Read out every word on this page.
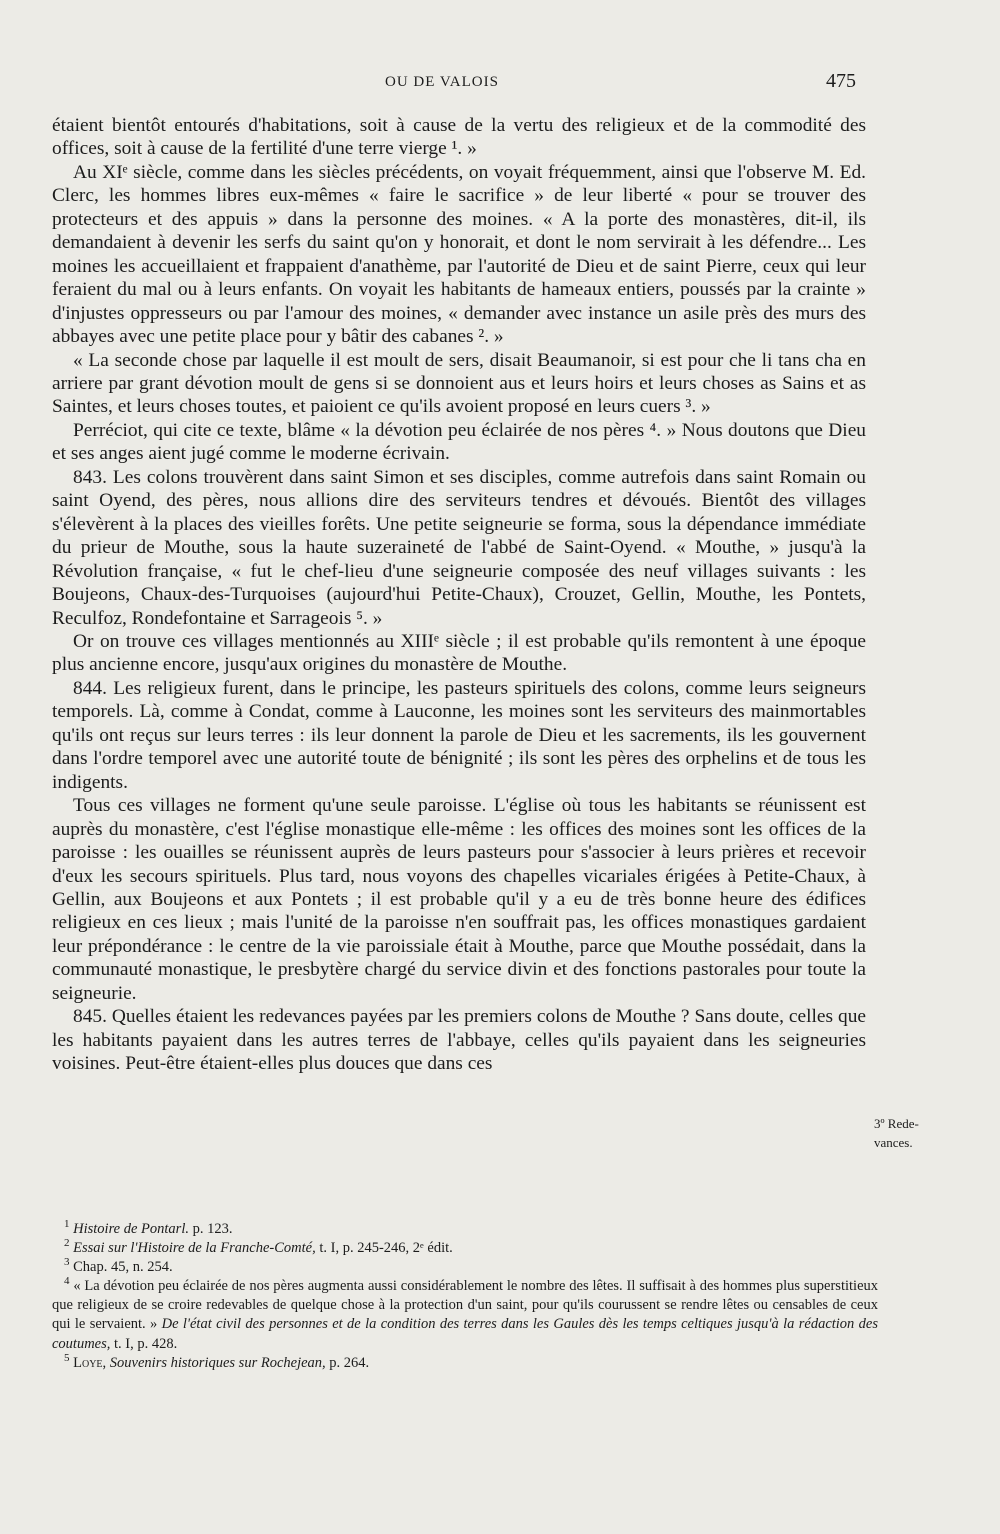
OU DE VALOIS	475

étaient bientôt entourés d'habitations, soit à cause de la vertu des religieux et de la commodité des offices, soit à cause de la fertilité d'une terre vierge ¹. »

Au XIᵉ siècle, comme dans les siècles précédents, on voyait fréquemment, ainsi que l'observe M. Ed. Clerc, les hommes libres eux-mêmes « faire le sacrifice » de leur liberté « pour se trouver des protecteurs et des appuis » dans la personne des moines. « A la porte des monastères, dit-il, ils demandaient à devenir les serfs du saint qu'on y honorait, et dont le nom servirait à les défendre... Les moines les accueillaient et frappaient d'anathème, par l'autorité de Dieu et de saint Pierre, ceux qui leur feraient du mal ou à leurs enfants. On voyait les habitants de hameaux entiers, poussés par la crainte » d'injustes oppresseurs ou par l'amour des moines, « demander avec instance un asile près des murs des abbayes avec une petite place pour y bâtir des cabanes ². »

« La seconde chose par laquelle il est moult de sers, disait Beaumanoir, si est pour che li tans cha en arriere par grant dévotion moult de gens si se donnoient aus et leurs hoirs et leurs choses as Sains et as Saintes, et leurs choses toutes, et paioient ce qu'ils avoient proposé en leurs cuers ³. »

Perréciot, qui cite ce texte, blâme « la dévotion peu éclairée de nos pères ⁴. » Nous doutons que Dieu et ses anges aient jugé comme le moderne écrivain.

843. Les colons trouvèrent dans saint Simon et ses disciples, comme autrefois dans saint Romain ou saint Oyend, des pères, nous allions dire des serviteurs tendres et dévoués. Bientôt des villages s'élevèrent à la places des vieilles forêts. Une petite seigneurie se forma, sous la dépendance immédiate du prieur de Mouthe, sous la haute suzeraineté de l'abbé de Saint-Oyend. « Mouthe, » jusqu'à la Révolution française, « fut le chef-lieu d'une seigneurie composée des neuf villages suivants : les Boujeons, Chaux-des-Turquoises (aujourd'hui Petite-Chaux), Crouzet, Gellin, Mouthe, les Pontets, Reculfoz, Rondefontaine et Sarrageois ⁵. »

Or on trouve ces villages mentionnés au XIIIᵉ siècle ; il est probable qu'ils remontent à une époque plus ancienne encore, jusqu'aux origines du monastère de Mouthe.

844. Les religieux furent, dans le principe, les pasteurs spirituels des colons, comme leurs seigneurs temporels. Là, comme à Condat, comme à Lauconne, les moines sont les serviteurs des mainmortables qu'ils ont reçus sur leurs terres : ils leur donnent la parole de Dieu et les sacrements, ils les gouvernent dans l'ordre temporel avec une autorité toute de bénignité ; ils sont les pères des orphelins et de tous les indigents.

Tous ces villages ne forment qu'une seule paroisse. L'église où tous les habitants se réunissent est auprès du monastère, c'est l'église monastique elle-même : les offices des moines sont les offices de la paroisse : les ouailles se réunissent auprès de leurs pasteurs pour s'associer à leurs prières et recevoir d'eux les secours spirituels. Plus tard, nous voyons des chapelles vicariales érigées à Petite-Chaux, à Gellin, aux Boujeons et aux Pontets ; il est probable qu'il y a eu de très bonne heure des édifices religieux en ces lieux ; mais l'unité de la paroisse n'en souffrait pas, les offices monastiques gardaient leur prépondérance : le centre de la vie paroissiale était à Mouthe, parce que Mouthe possédait, dans la communauté monastique, le presbytère chargé du service divin et des fonctions pastorales pour toute la seigneurie.

845. Quelles étaient les redevances payées par les premiers colons de Mouthe ? Sans doute, celles que les habitants payaient dans les autres terres de l'abbaye, celles qu'ils payaient dans les seigneuries voisines. Peut-être étaient-elles plus douces que dans ces

3º Rede-
vances.

$^1$ Histoire de Pontarl. p. 123.

$^2$ Essai sur l'Histoire de la Franche-Comté, t. I, p. 245-246, 2ᵉ édit.

$^3$ Chap. 45, n. 254.

$^4$ « La dévotion peu éclairée de nos pères augmenta aussi considérablement le nombre des lêtes. Il suffisait à des hommes plus superstitieux que religieux de se croire redevables de quelque chose à la protection d'un saint, pour qu'ils courussent se rendre lêtes ou censables de ceux qui le servaient. » De l'état civil des personnes et de la condition des terres dans les Gaules dès les temps celtiques jusqu'à la rédaction des coutumes, t. I, p. 428.

$^5$ Loye, Souvenirs historiques sur Rochejean, p. 264.
